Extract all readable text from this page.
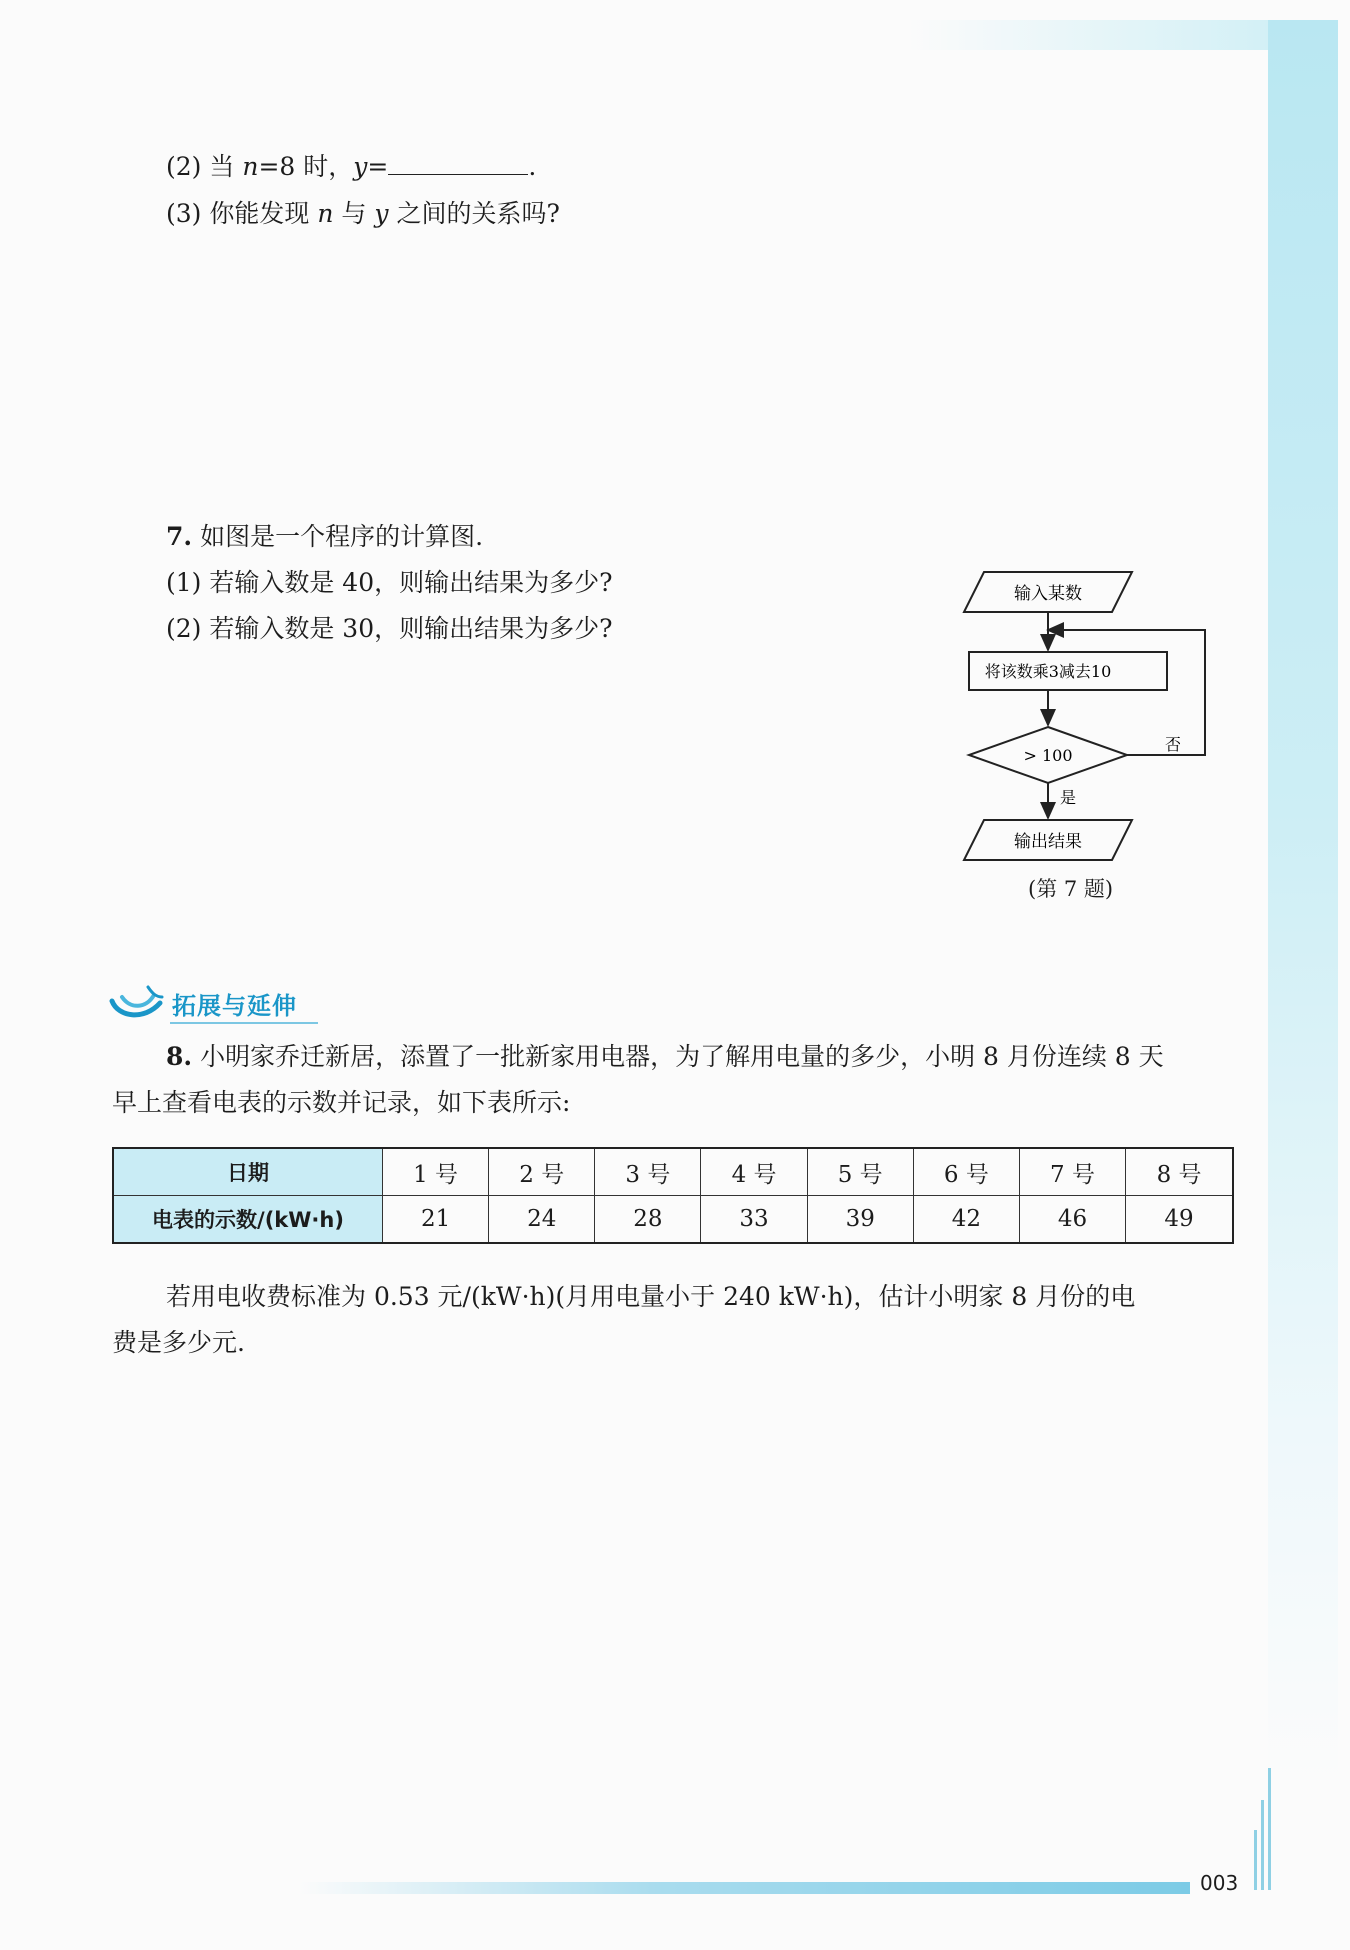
(2) 当 n=8 时，y=	.
(3) 你能发现 n 与 y 之间的关系吗?
7. 如图是一个程序的计算图.
(1) 若输入数是 40，则输出结果为多少?
(2) 若输入数是 30，则输出结果为多少?
输入某数
将该数乘3减去10
> 100
否
是
输出结果
(第 7 题)
拓展与延伸
8. 小明家乔迁新居，添置了一批新家用电器，为了解用电量的多少，小明 8 月份连续 8 天
早上查看电表的示数并记录，如下表所示:
日期	1 号	2 号	3 号	4 号	5 号	6 号	7 号	8 号
电表的示数/(kW·h)	21	24	28	33	39	42	46	49
若用电收费标准为 0.53 元/(kW·h)(月用电量小于 240 kW·h)，估计小明家 8 月份的电
费是多少元.
003
